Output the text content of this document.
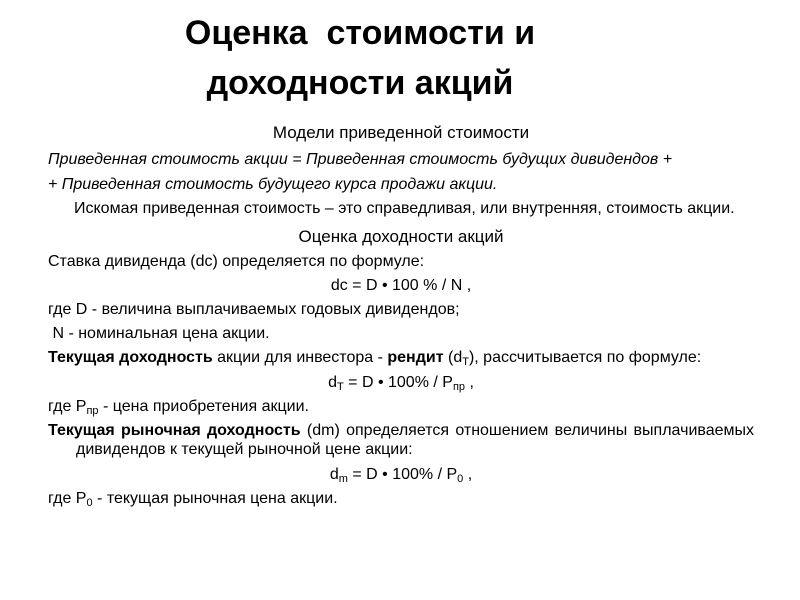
Оценка  стоимости и
доходности акций

Модели приведенной стоимости

Приведенная стоимость акции = Приведенная стоимость будущих дивидендов +

+ Приведенная стоимость будущего курса продажи акции.

Искомая приведенная стоимость – это справедливая, или внутренняя, стоимость акции.

Оценка доходности акций

Ставка дивиденда (dc) определяется по формуле:

dc = D • 100 % / N ,

где D - величина выплачиваемых годовых дивидендов;

N - номинальная цена акции.

Текущая доходность акции для инвестора - рендит $(d_T)$, рассчитывается по формуле:

$d_T = D$ • $100\% / P_{пр}$ ,

где $P_{пр}$ - цена приобретения акции.

Текущая рыночная доходность (dm) определяется отношением величины выплачиваемых дивидендов к текущей рыночной цене акции:

$d_m = D$ • $100\% / P_0$ ,

где $P_0$ - текущая рыночная цена акции.
